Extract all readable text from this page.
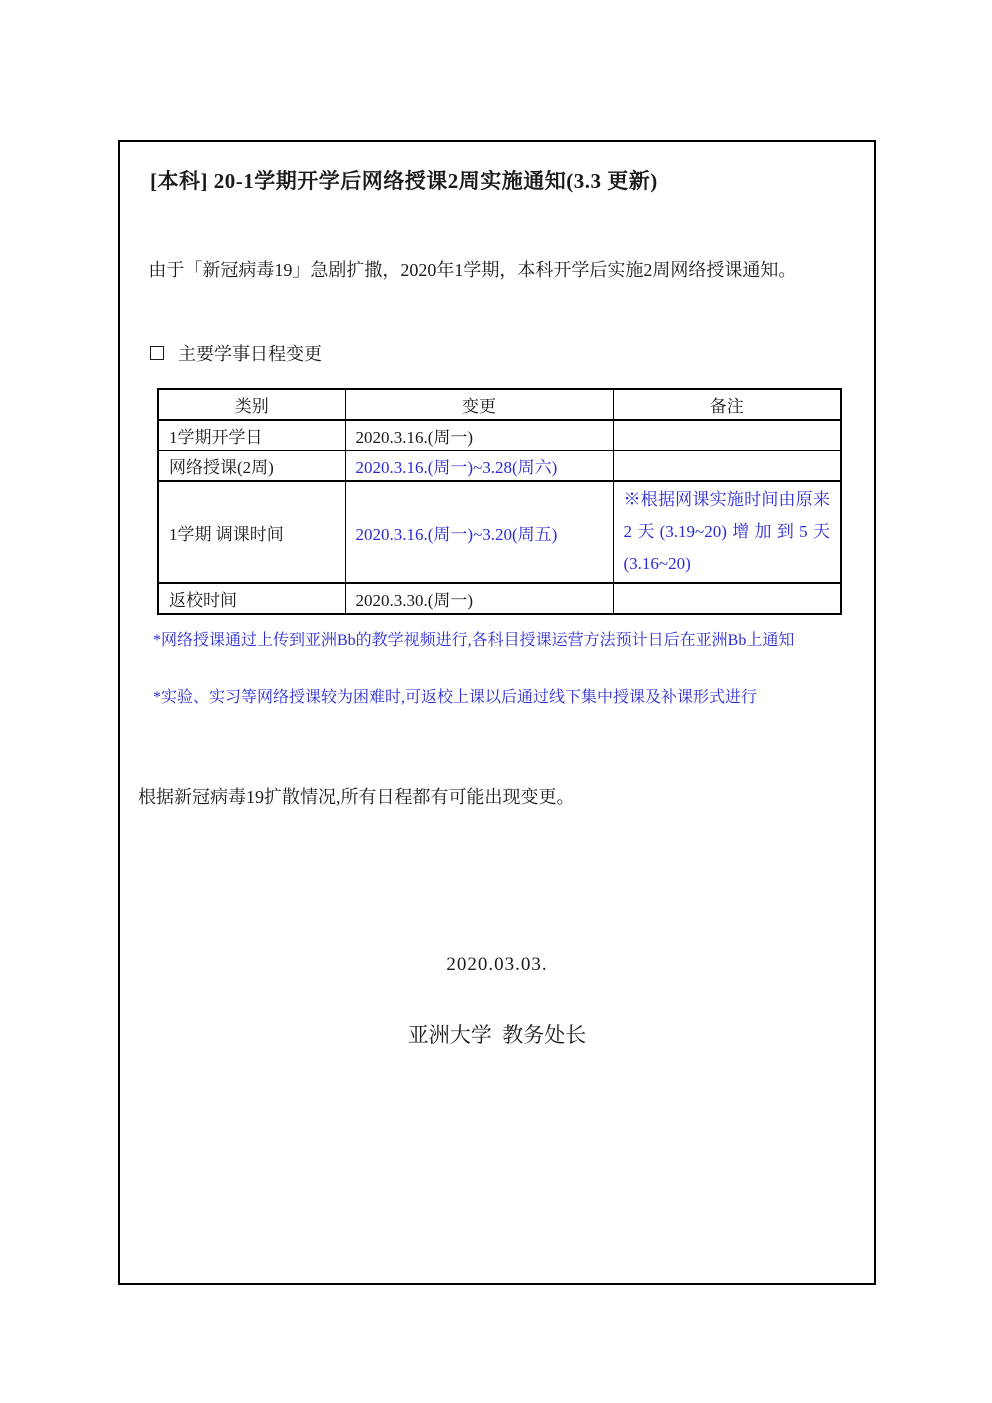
[本科] 20-1学期开学后网络授课2周实施通知(3.3 更新)

由于「新冠病毒19」急剧扩撒，2020年1学期，本科开学后实施2周网络授课通知。

主要学事日程变更
类别	变更	备注
1学期开学日	2020.3.16.(周一)	
网络授课(2周)	2020.3.16.(周一)~3.28(周六)	
1学期 调课时间	2020.3.16.(周一)~3.20(周五)	※根据网课实施时间由原来2天(3.19~20)增加到5天(3.16~20)
返校时间	2020.3.30.(周一)	

*网络授课通过上传到亚洲Bb的教学视频进行,各科目授课运营方法预计日后在亚洲Bb上通知

*实验、实习等网络授课较为困难时,可返校上课以后通过线下集中授课及补课形式进行

根据新冠病毒19扩散情况,所有日程都有可能出现变更。

2020.03.03.

亚洲大学  教务处长
